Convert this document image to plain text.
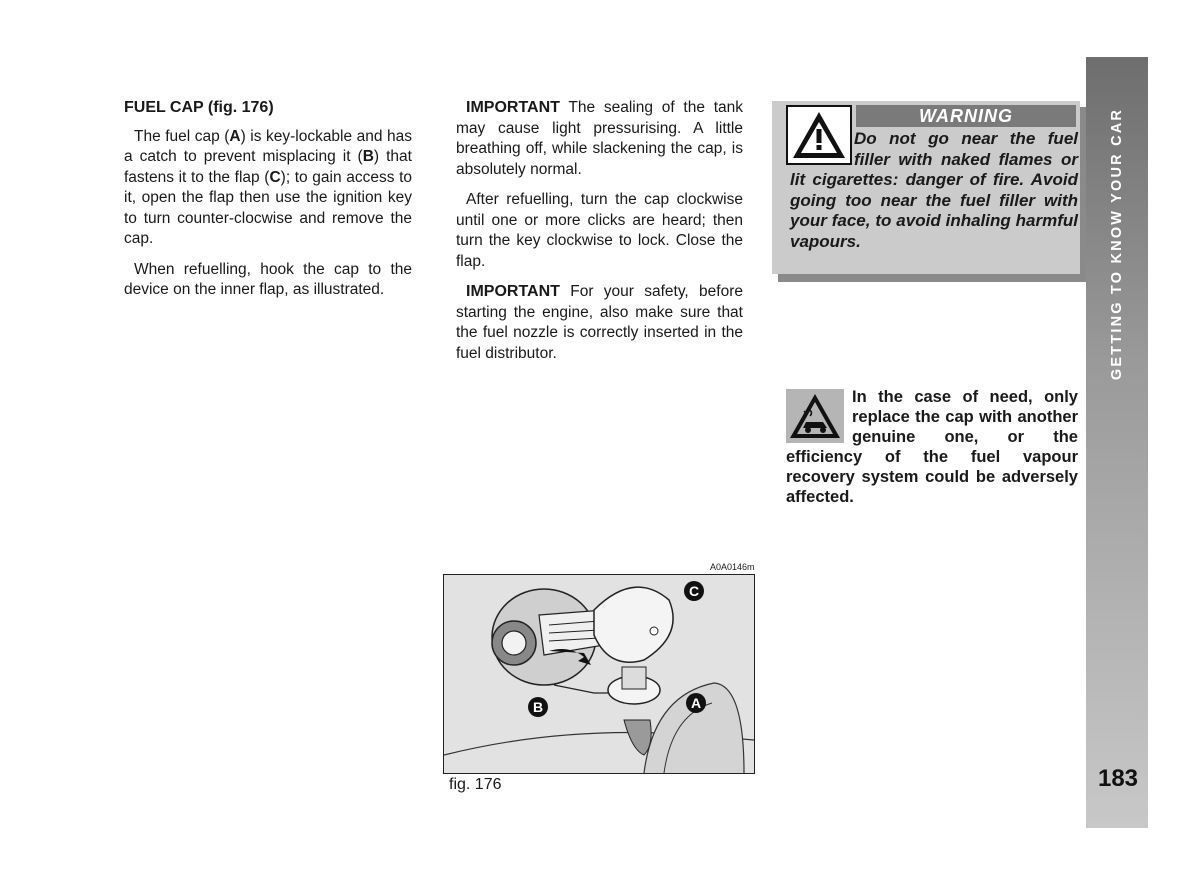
FUEL CAP (fig. 176)

The fuel cap (A) is key-lockable and has a catch to prevent misplacing it (B) that fastens it to the flap (C); to gain access to it, open the flap then use the ignition key to turn counter-clocwise and remove the cap.

When refuelling, hook the cap to the device on the inner flap, as illustrated.

IMPORTANT The sealing of the tank may cause light pressurising. A little breathing off, while slackening the cap, is absolutely normal.

After refuelling, turn the cap clockwise until one or more clicks are heard; then turn the key clockwise to lock. Close the flap.

IMPORTANT For your safety, before starting the engine, also make sure that the fuel nozzle is correctly inserted in the fuel distributor.

WARNING
Do not go near the fuel filler with naked flames or lit cigarettes: danger of fire. Avoid going too near the fuel filler with your face, to avoid inhaling harmful vapours.
In the case of need, only replace the cap with another genuine one, or the efficiency of the fuel vapour recovery system could be adversely affected.
A0A0146m
A
B
C
fig. 176
GETTING TO KNOW YOUR CAR
183
